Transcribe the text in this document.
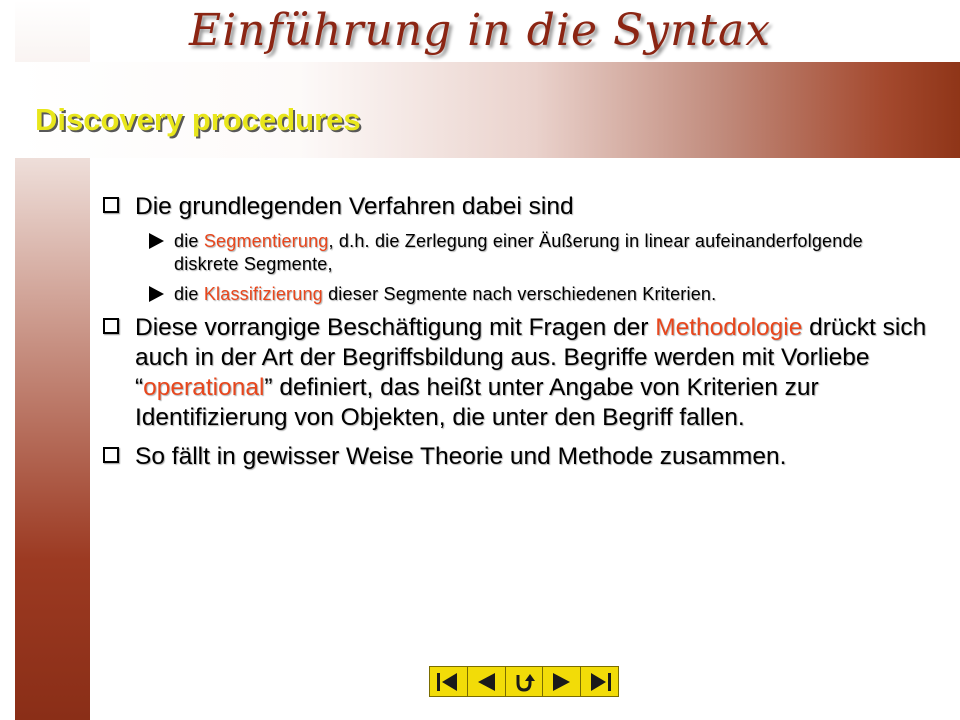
Einführung in die Syntax
Discovery procedures
Die grundlegenden Verfahren dabei sind
die Segmentierung, d.h. die Zerlegung einer Äußerung in linear aufeinanderfolgende diskrete Segmente,
die Klassifizierung dieser Segmente nach verschiedenen Kriterien.
Diese vorrangige Beschäftigung mit Fragen der Methodologie drückt sich auch in der Art der Begriffsbildung aus. Begriffe werden mit Vorliebe “operational” definiert, das heißt unter Angabe von Kriterien zur Identifizierung von Objekten, die unter den Begriff fallen.
So fällt in gewisser Weise Theorie und Methode zusammen.
